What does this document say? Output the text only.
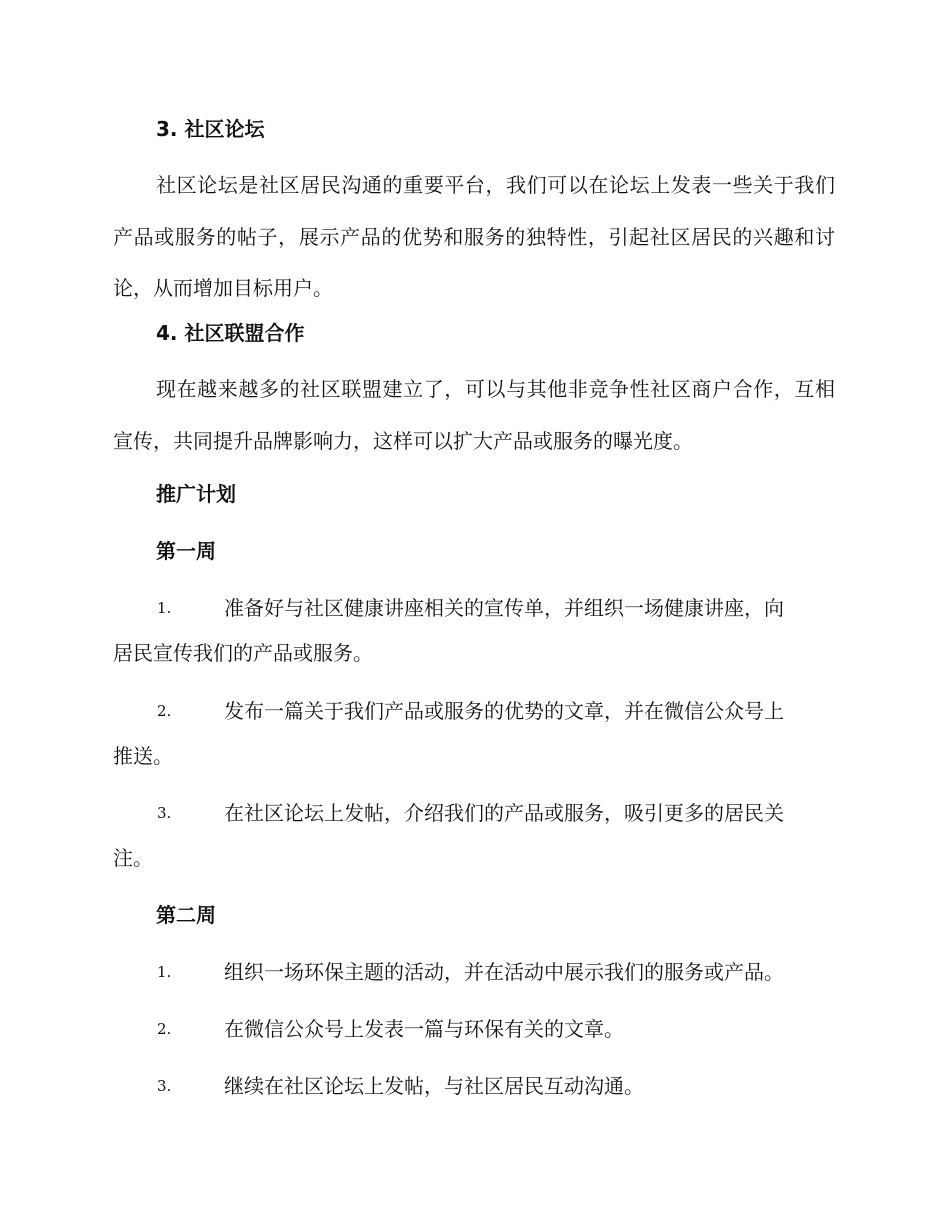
3. 社区论坛
社区论坛是社区居民沟通的重要平台，我们可以在论坛上发表一些关于我们产品或服务的帖子，展示产品的优势和服务的独特性，引起社区居民的兴趣和讨论，从而增加目标用户。
4. 社区联盟合作
现在越来越多的社区联盟建立了，可以与其他非竞争性社区商户合作，互相宣传，共同提升品牌影响力，这样可以扩大产品或服务的曝光度。
推广计划
第一周
1.	准备好与社区健康讲座相关的宣传单，并组织一场健康讲座，向
居民宣传我们的产品或服务。
2.	发布一篇关于我们产品或服务的优势的文章，并在微信公众号上
推送。
3.	在社区论坛上发帖，介绍我们的产品或服务，吸引更多的居民关
注。
第二周
1.	组织一场环保主题的活动，并在活动中展示我们的服务或产品。
2.	在微信公众号上发表一篇与环保有关的文章。
3.	继续在社区论坛上发帖，与社区居民互动沟通。
